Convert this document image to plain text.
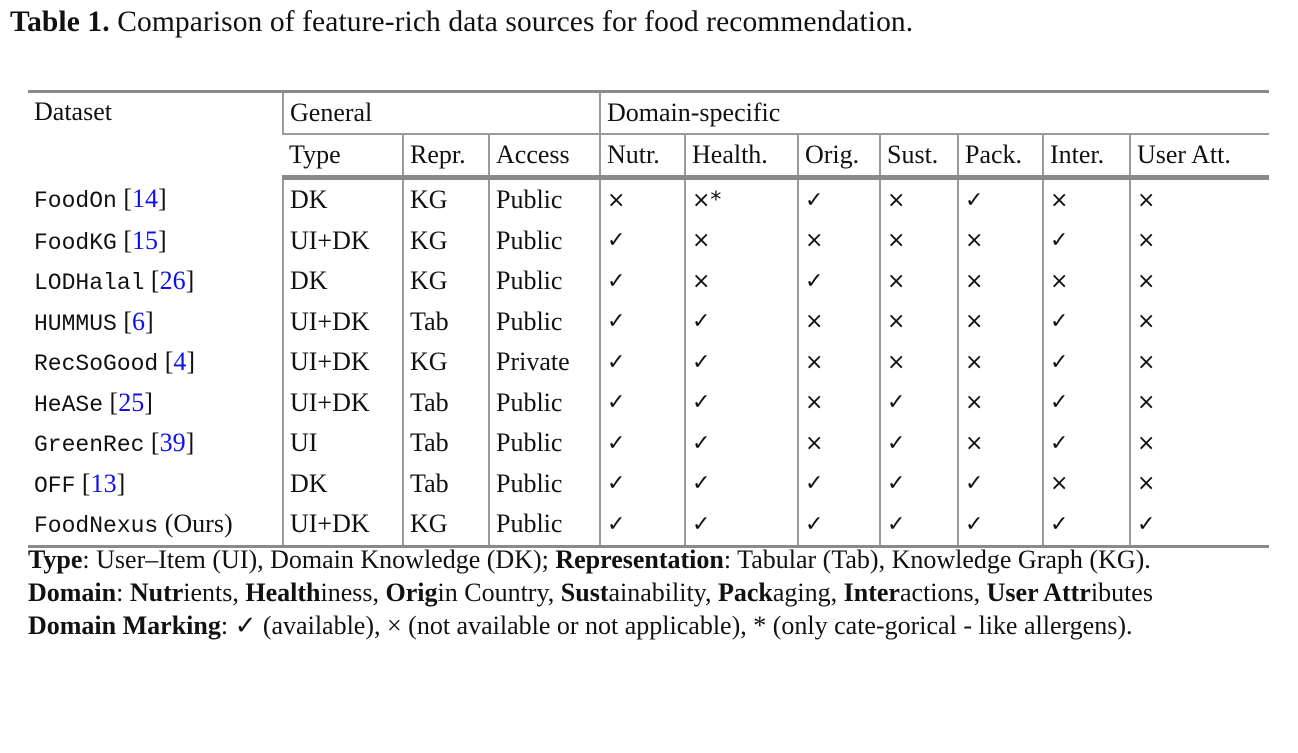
Table 1. Comparison of feature-rich data sources for food recommendation.
Dataset	General			Domain-specific						
	Type	Repr.	Access	Nutr.	Health.	Orig.	Sust.	Pack.	Inter.	User Att.
FoodOn [14]	DK	KG	Public	×	×*	✓	×	✓	×	×
FoodKG [15]	UI+DK	KG	Public	✓	×	×	×	×	✓	×
LODHalal [26]	DK	KG	Public	✓	×	✓	×	×	×	×
HUMMUS [6]	UI+DK	Tab	Public	✓	✓	×	×	×	✓	×
RecSoGood [4]	UI+DK	KG	Private	✓	✓	×	×	×	✓	×
HeASe [25]	UI+DK	Tab	Public	✓	✓	×	✓	×	✓	×
GreenRec [39]	UI	Tab	Public	✓	✓	×	✓	×	✓	×
OFF [13]	DK	Tab	Public	✓	✓	✓	✓	✓	×	×
FoodNexus (Ours)	UI+DK	KG	Public	✓	✓	✓	✓	✓	✓	✓

Type: User–Item (UI), Domain Knowledge (DK); Representation: Tabular (Tab), Knowledge Graph (KG).

Domain: Nutrients, Healthiness, Origin Country, Sustainability, Packaging, Interactions, User Attributes

Domain Marking: ✓ (available), × (not available or not applicable), * (only cate-gorical - like allergens).
